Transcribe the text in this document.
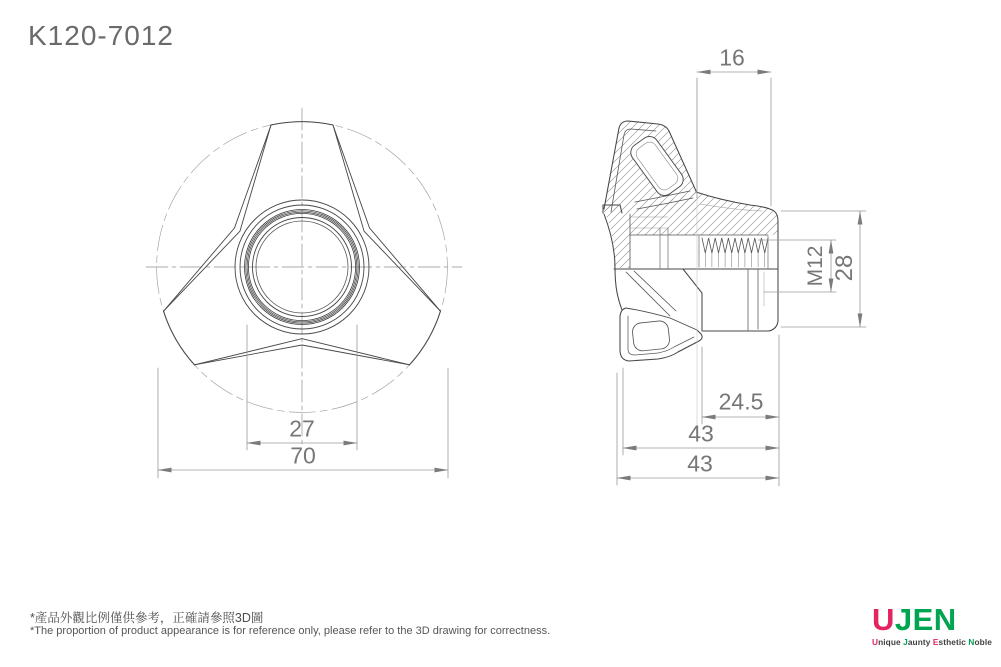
K120-7012
27
70
16
M12 28
24.5
43
43
*產品外觀比例僅供參考，正確請參照3D圖
*The proportion of product appearance is for reference only, please refer to the 3D drawing for correctness.	UJEN
Unique Jaunty Esthetic Noble
